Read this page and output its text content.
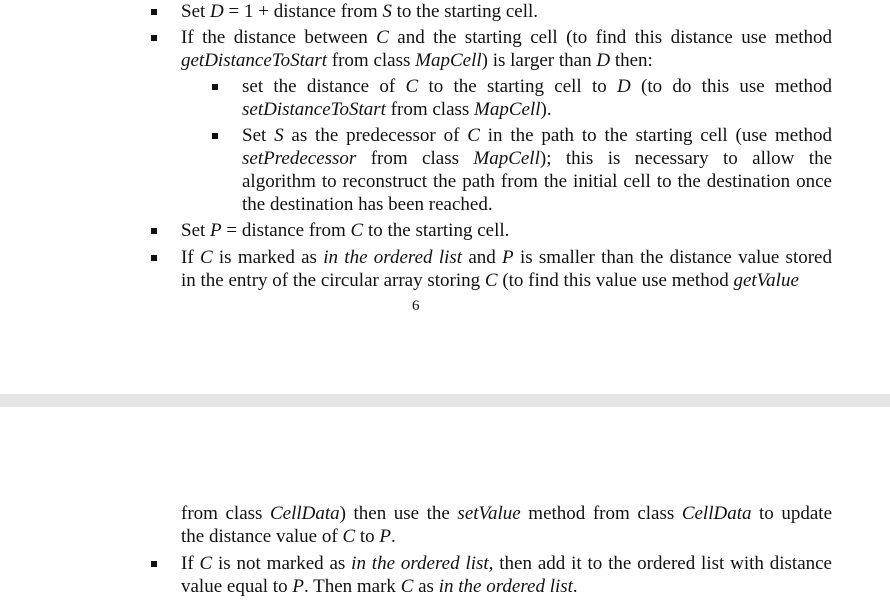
Set D = 1 + distance from S to the starting cell.
If the distance between C and the starting cell (to find this distance use method
getDistanceToStart from class MapCell) is larger than D then:
set the distance of C to the starting cell to D (to do this use method
setDistanceToStart from class MapCell).
Set S as the predecessor of C in the path to the starting cell (use method
setPredecessor from class MapCell); this is necessary to allow the
algorithm to reconstruct the path from the initial cell to the destination once
the destination has been reached.
Set P = distance from C to the starting cell.
If C is marked as in the ordered list and P is smaller than the distance value stored
in the entry of the circular array storing C (to find this value use method getValue
6
from class CellData) then use the setValue method from class CellData to update
the distance value of C to P.
If C is not marked as in the ordered list, then add it to the ordered list with distance
value equal to P. Then mark C as in the ordered list.
